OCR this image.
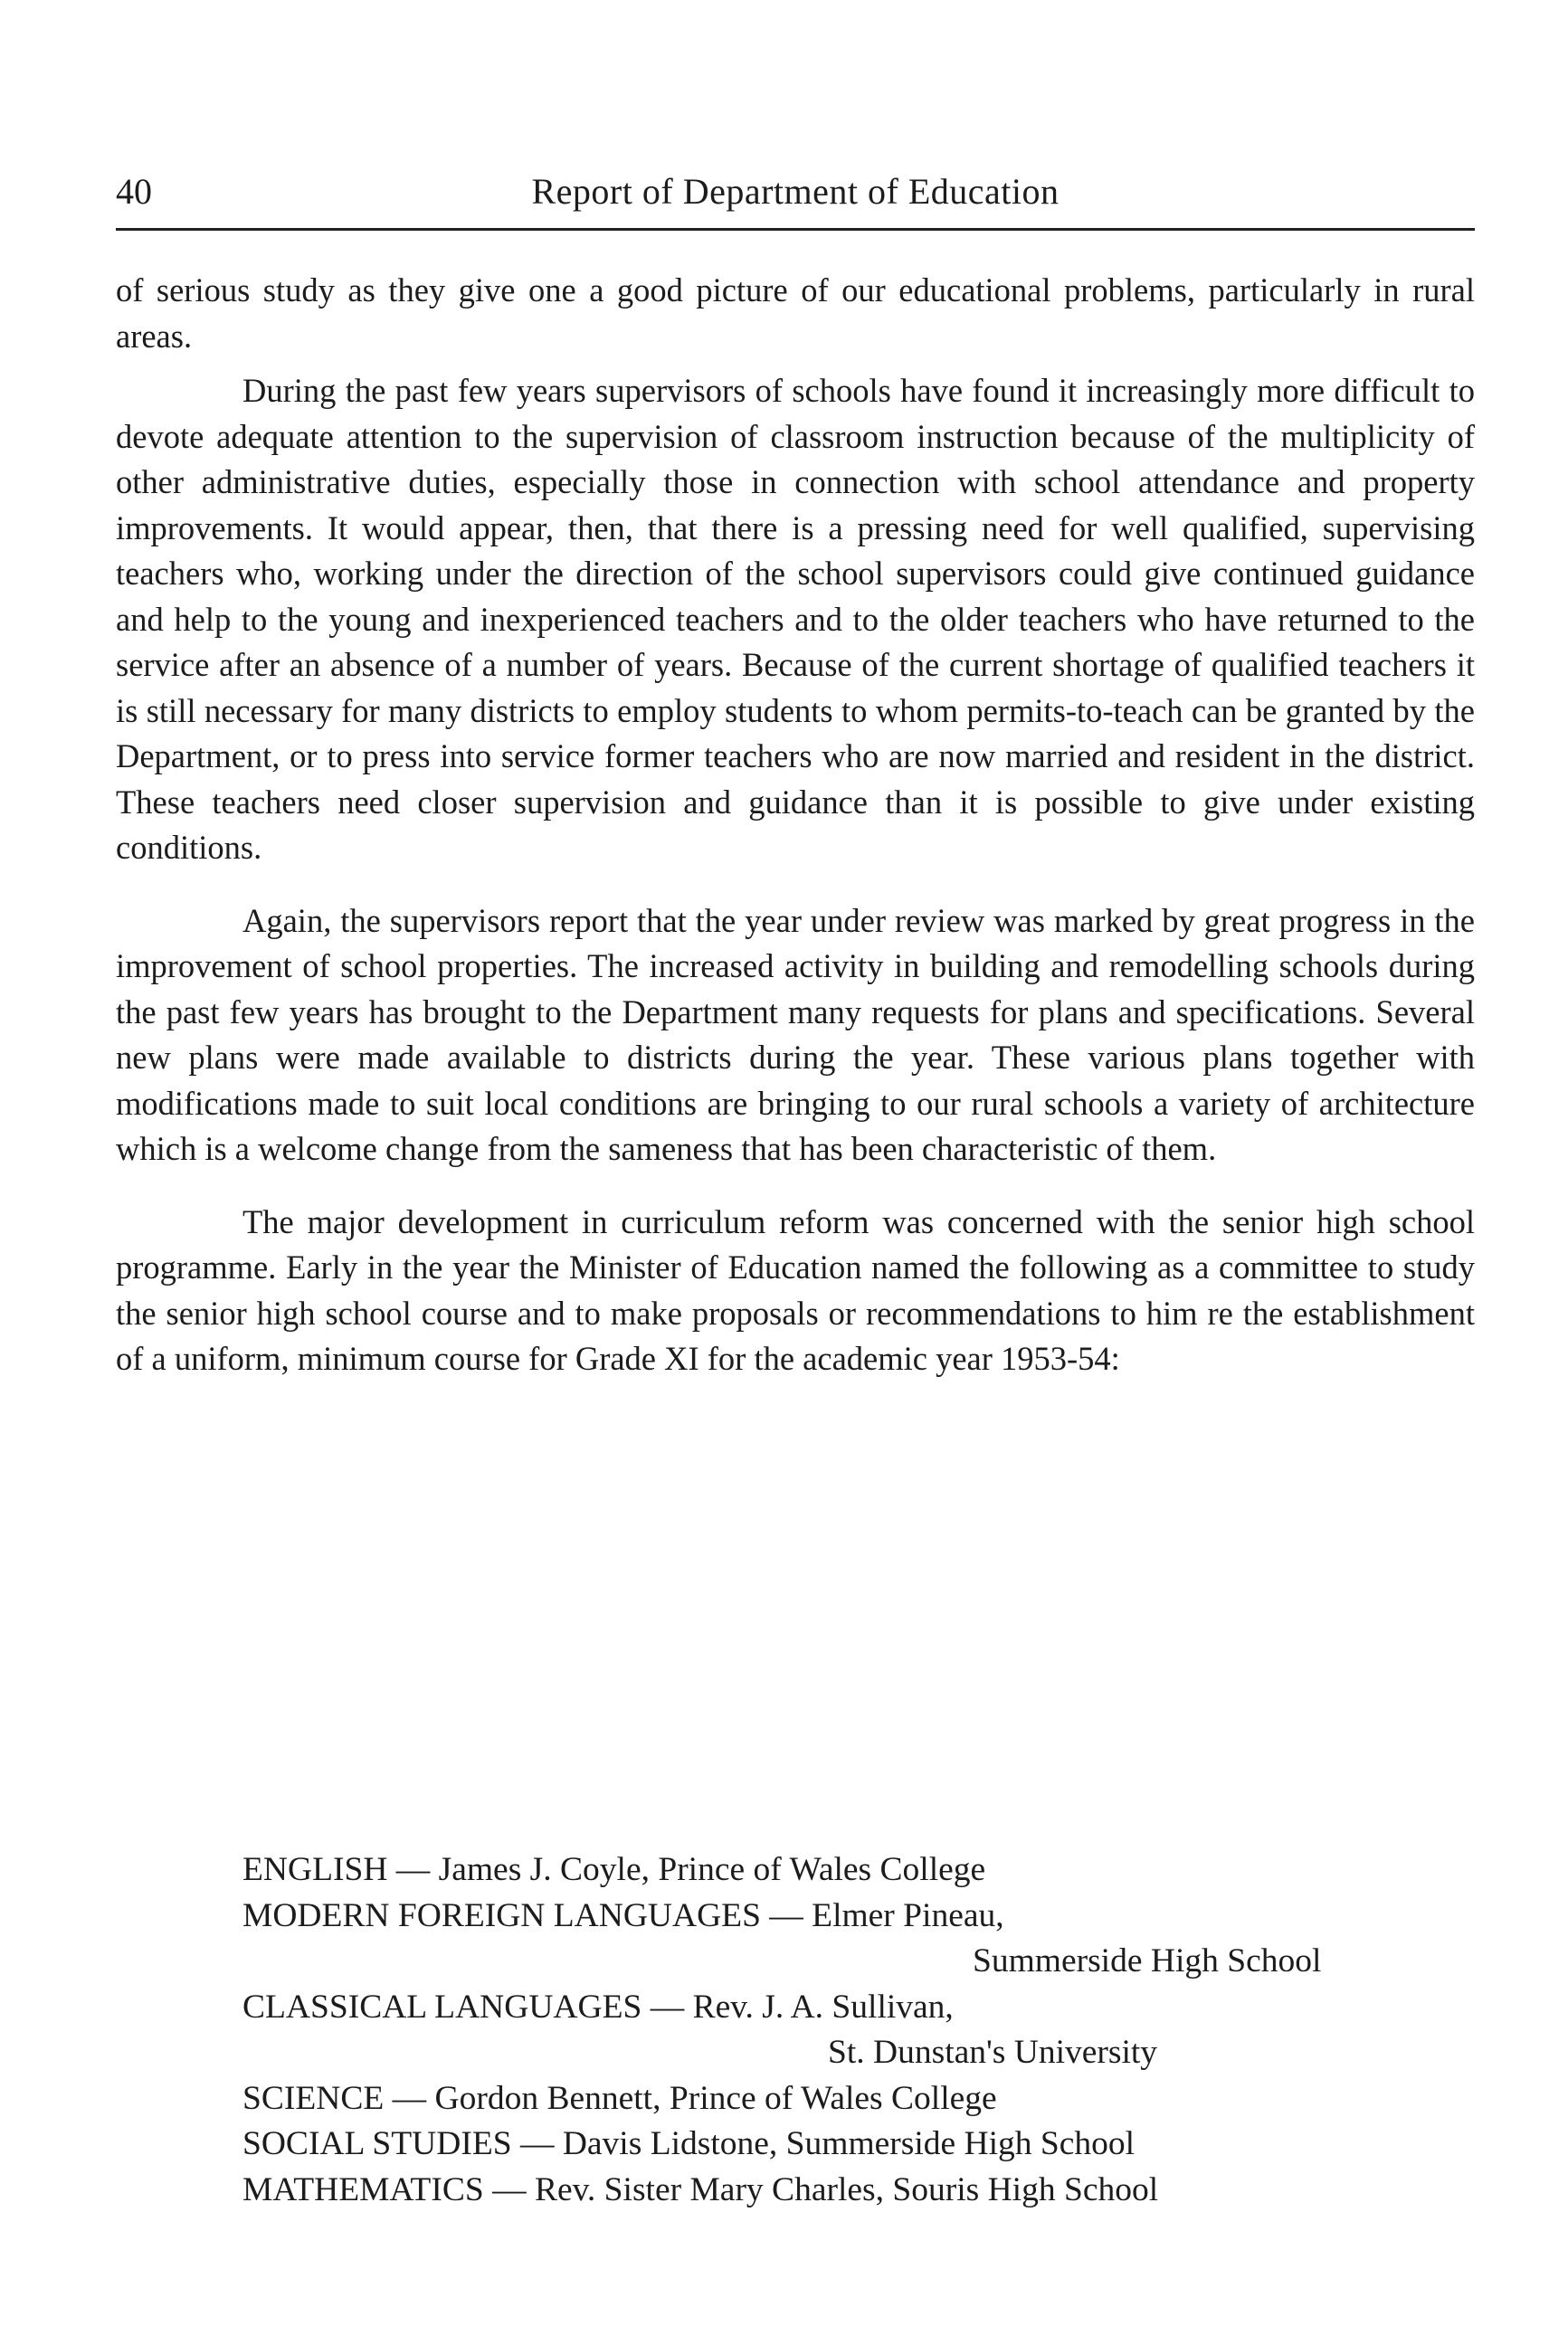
40	Report of Department of Education

of serious study as they give one a good picture of our educational problems, particularly in rural areas.

During the past few years supervisors of schools have found it increasingly more difficult to devote adequate attention to the supervision of classroom instruction because of the multiplicity of other administrative duties, especially those in connection with school attendance and property improvements. It would appear, then, that there is a pressing need for well qualified, supervising teachers who, working under the direction of the school supervisors could give continued guidance and help to the young and inexperienced teachers and to the older teachers who have returned to the service after an absence of a number of years. Because of the current shortage of qualified teachers it is still necessary for many districts to employ students to whom permits-to-teach can be granted by the Department, or to press into service former teachers who are now married and resident in the district. These teachers need closer supervision and guidance than it is possible to give under existing conditions.

Again, the supervisors report that the year under review was marked by great progress in the improvement of school properties. The increased activity in building and remodelling schools during the past few years has brought to the Department many requests for plans and specifications. Several new plans were made available to districts during the year. These various plans together with modifications made to suit local conditions are bringing to our rural schools a variety of architecture which is a welcome change from the sameness that has been characteristic of them.

The major development in curriculum reform was concerned with the senior high school programme. Early in the year the Minister of Education named the following as a committee to study the senior high school course and to make proposals or recommendations to him re the establishment of a uniform, minimum course for Grade XI for the academic year 1953-54:

ENGLISH — James J. Coyle, Prince of Wales College
MODERN FOREIGN LANGUAGES — Elmer Pineau,
Summerside High School
CLASSICAL LANGUAGES — Rev. J. A. Sullivan,
St. Dunstan's University
SCIENCE — Gordon Bennett, Prince of Wales College
SOCIAL STUDIES — Davis Lidstone, Summerside High School
MATHEMATICS — Rev. Sister Mary Charles, Souris High School
